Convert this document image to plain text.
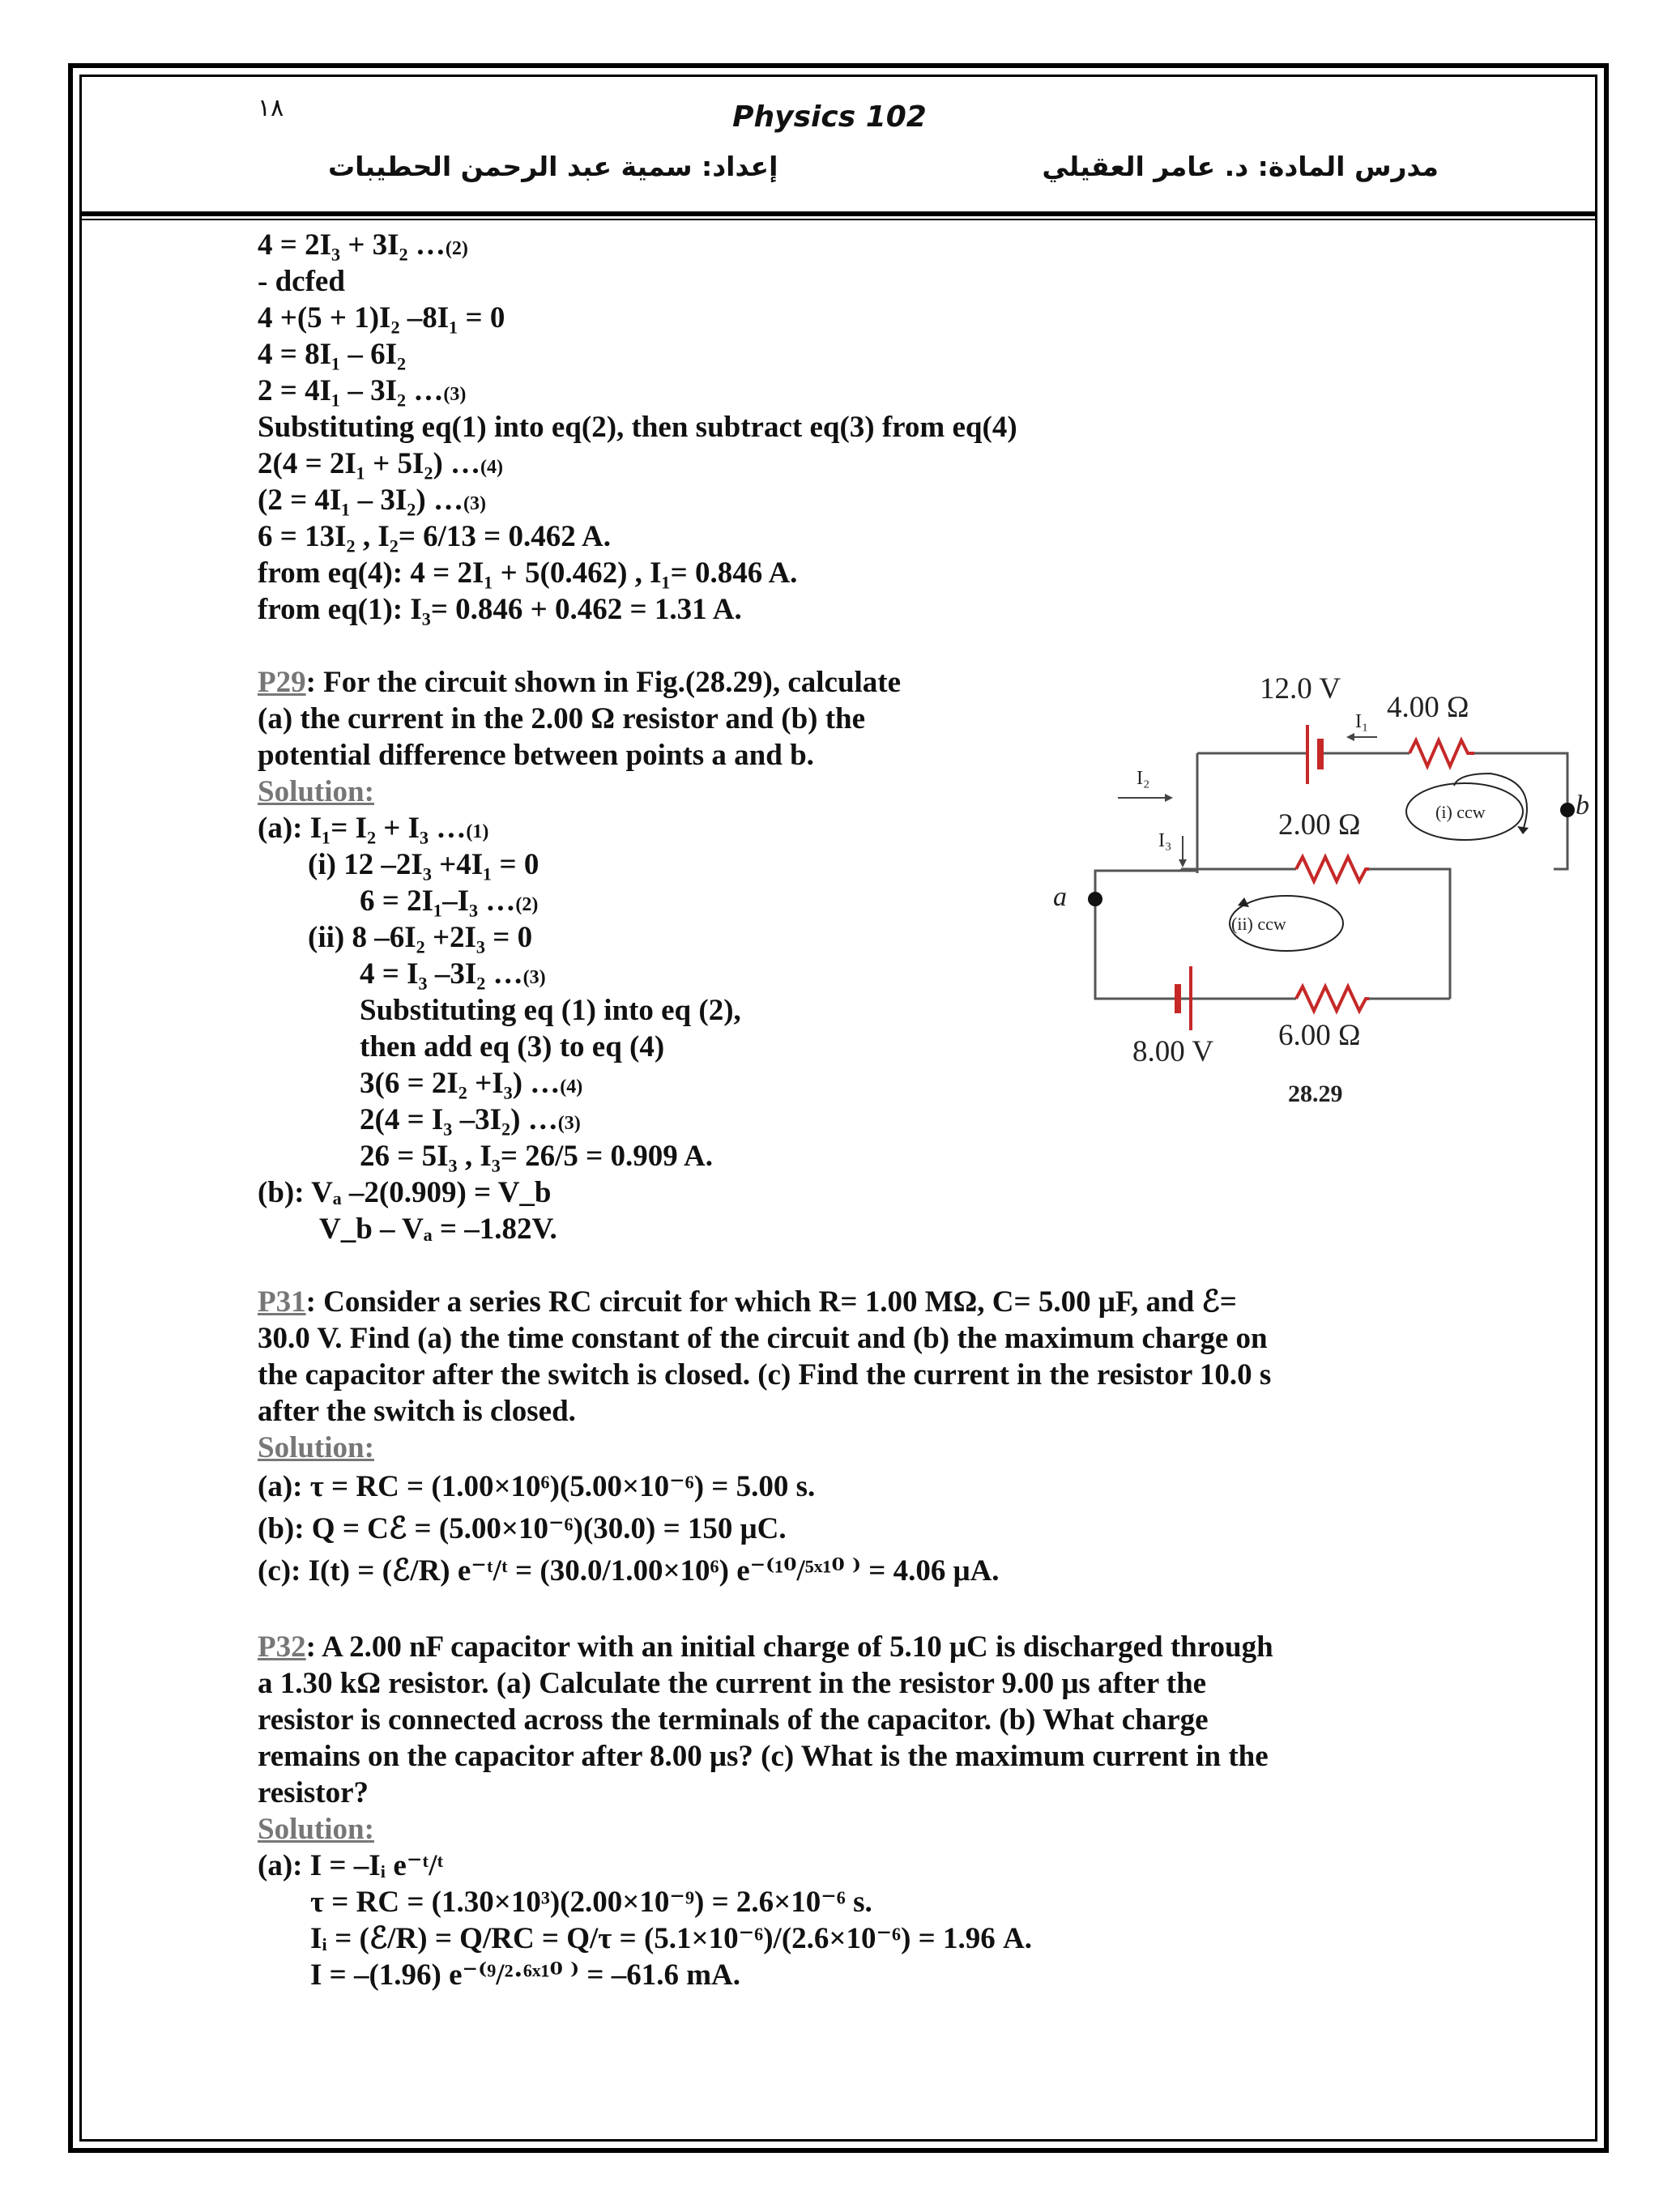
١٨	Physics 102
إعداد: سمية عبد الرحمن الحطيبات	مدرس المادة: د. عامر العقيلي
4 = 2I₃ + 3I₂ …(2)
- dcfed
4 +(5 + 1)I₂ –8I₁ = 0
4 = 8I₁ – 6I₂
2 = 4I₁ – 3I₂ …(3)
Substituting eq(1) into eq(2), then subtract eq(3) from eq(4)
2(4 = 2I₁ + 5I₂) …(4)
(2 = 4I₁ – 3I₂) …(3)
6 = 13I₂ , I₂= 6/13 = 0.462 A.
from eq(4): 4 = 2I₁ + 5(0.462) , I₁= 0.846 A.
from eq(1): I₃= 0.846 + 0.462 = 1.31 A.
P29: For the circuit shown in Fig.(28.29), calculate
(a) the current in the 2.00 Ω resistor and (b) the
potential difference between points a and b.
Solution:
(a): I₁= I₂ + I₃ …(1)
(i) 12 –2I₃ +4I₁ = 0
6 = 2I₁–I₃ …(2)
(ii) 8 –6I₂ +2I₃ = 0
4 = I₃ –3I₂ …(3)
Substituting eq (1) into eq (2),
then add eq (3) to eq (4)
3(6 = 2I₂ +I₃) …(4)
2(4 = I₃ –3I₂) …(3)
26 = 5I₃ , I₃= 26/5 = 0.909 A.
(b): Vₐ –2(0.909) = V_b
V_b – Vₐ = –1.82V.
P31: Consider a series RC circuit for which R= 1.00 MΩ, C= 5.00 μF, and ℰ=
30.0 V. Find (a) the time constant of the circuit and (b) the maximum charge on
the capacitor after the switch is closed. (c) Find the current in the resistor 10.0 s
after the switch is closed.
Solution:
(a): τ = RC = (1.00×10⁶)(5.00×10⁻⁶) = 5.00 s.
(b): Q = Cℰ = (5.00×10⁻⁶)(30.0) = 150 μC.
(c): I(t) = (ℰ/R) e⁻ᵗ/ᵗ = (30.0/1.00×10⁶) e⁻⁽¹⁰/⁵ˣ¹⁰ ⁾ = 4.06 μA.
P32: A 2.00 nF capacitor with an initial charge of 5.10 μC is discharged through
a 1.30 kΩ resistor. (a) Calculate the current in the resistor 9.00 μs after the
resistor is connected across the terminals of the capacitor. (b) What charge
remains on the capacitor after 8.00 μs? (c) What is the maximum current in the
resistor?
Solution:
(a): I = –Iᵢ e⁻ᵗ/ᵗ
τ = RC = (1.30×10³)(2.00×10⁻⁹) = 2.6×10⁻⁶ s.
Iᵢ = (ℰ/R) = Q/RC = Q/τ = (5.1×10⁻⁶)/(2.6×10⁻⁶) = 1.96 A.
I = –(1.96) e⁻⁽⁹/²·⁶ˣ¹⁰ ⁾ = –61.6 mA.
12.0 V
4.00 Ω
I₁
I₂
I₃	2.00 Ω	(i) ccw
(ii) ccw
a
b
8.00 V 6.00 Ω
28.29
